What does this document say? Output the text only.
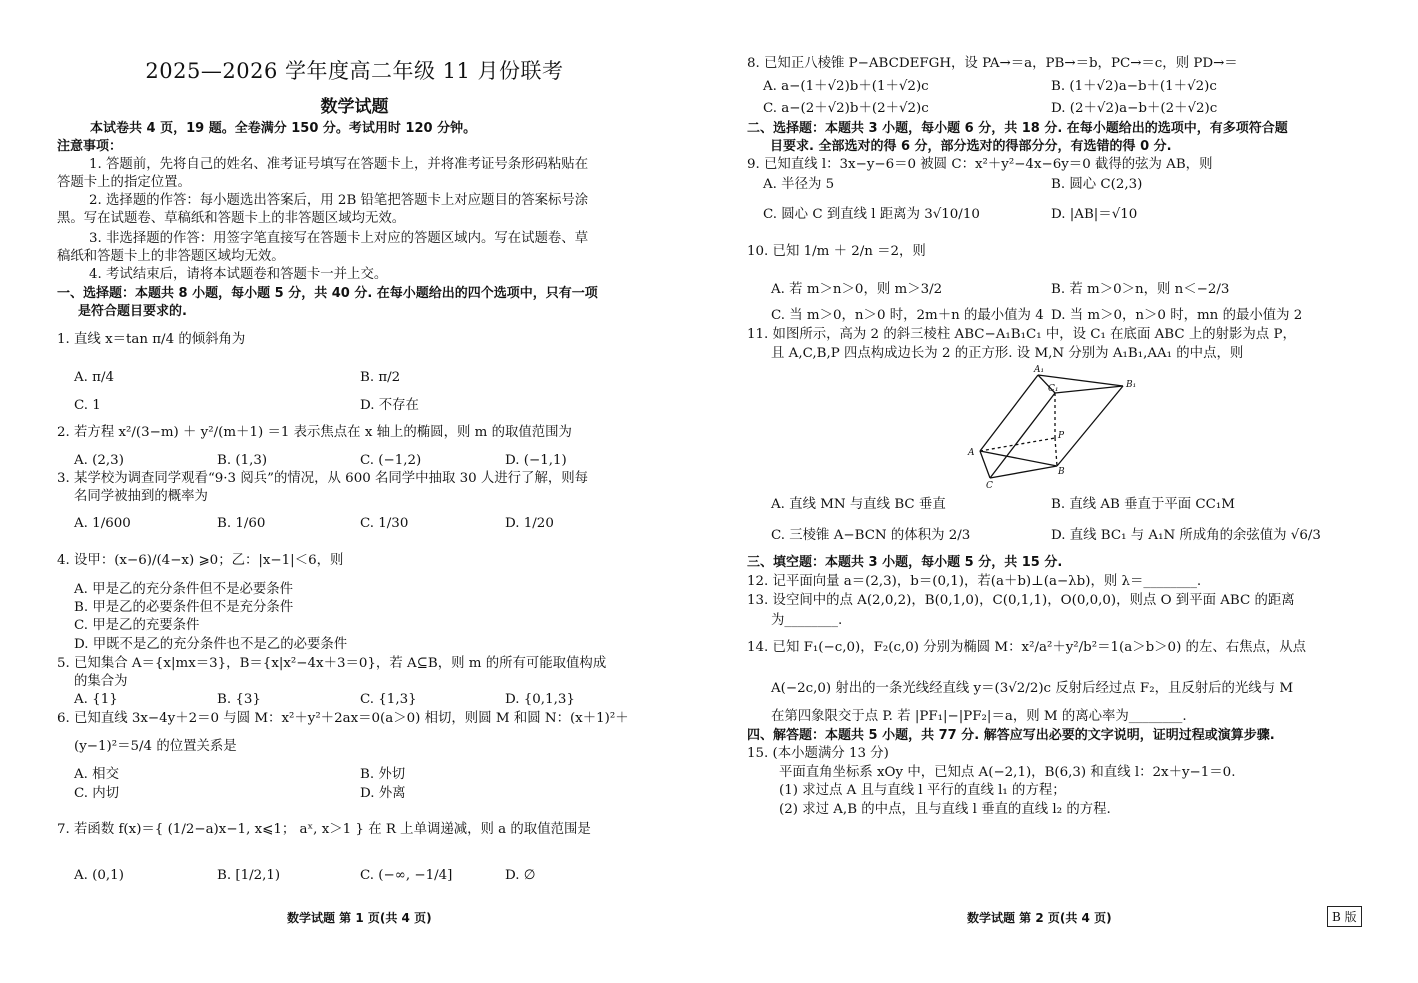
2025—2026 学年度高二年级 11 月份联考
数学试题
本试卷共 4 页，19 题。全卷满分 150 分。考试用时 120 分钟。
注意事项：
1. 答题前，先将自己的姓名、准考证号填写在答题卡上，并将准考证号条形码粘贴在
答题卡上的指定位置。
2. 选择题的作答：每小题选出答案后，用 2B 铅笔把答题卡上对应题目的答案标号涂
黑。写在试题卷、草稿纸和答题卡上的非答题区域均无效。
3. 非选择题的作答：用签字笔直接写在答题卡上对应的答题区域内。写在试题卷、草
稿纸和答题卡上的非答题区域均无效。
4. 考试结束后，请将本试题卷和答题卡一并上交。
一、选择题：本题共 8 小题，每小题 5 分，共 40 分. 在每小题给出的四个选项中，只有一项
是符合题目要求的.
1. 直线 x＝tan π/4 的倾斜角为
A. π/4	B. π/2
C. 1	D. 不存在
2. 若方程 x²/(3−m) ＋ y²/(m＋1) ＝1 表示焦点在 x 轴上的椭圆，则 m 的取值范围为
A. (2,3)	B. (1,3)	C. (−1,2)	D. (−1,1)
3. 某学校为调查同学观看“9·3 阅兵”的情况，从 600 名同学中抽取 30 人进行了解，则每
名同学被抽到的概率为
A. 1/600	B. 1/60	C. 1/30	D. 1/20
4. 设甲：(x−6)/(4−x) ⩾0；乙：|x−1|＜6，则
A. 甲是乙的充分条件但不是必要条件
B. 甲是乙的必要条件但不是充分条件
C. 甲是乙的充要条件
D. 甲既不是乙的充分条件也不是乙的必要条件
5. 已知集合 A＝{x|mx＝3}，B＝{x|x²−4x＋3＝0}，若 A⊆B，则 m 的所有可能取值构成
的集合为
A. {1}	B. {3}	C. {1,3}	D. {0,1,3}
6. 已知直线 3x−4y＋2＝0 与圆 M：x²＋y²＋2ax＝0(a＞0) 相切，则圆 M 和圆 N：(x＋1)²＋
(y−1)²＝5/4 的位置关系是
A. 相交	B. 外切
C. 内切	D. 外离
7. 若函数 f(x)＝{ (1/2−a)x−1, x⩽1； aˣ, x＞1 } 在 R 上单调递减，则 a 的取值范围是
A. (0,1)	B. [1/2,1)	C. (−∞, −1/4]	D. ∅
数学试题 第 1 页(共 4 页)
8. 已知正八棱锥 P−ABCDEFGH，设 PA→＝a，PB→＝b，PC→＝c，则 PD→＝
A. a−(1＋√2)b＋(1＋√2)c	B. (1＋√2)a−b＋(1＋√2)c
C. a−(2＋√2)b＋(2＋√2)c	D. (2＋√2)a−b＋(2＋√2)c
二、选择题：本题共 3 小题，每小题 6 分，共 18 分. 在每小题给出的选项中，有多项符合题
目要求. 全部选对的得 6 分，部分选对的得部分分，有选错的得 0 分.
9. 已知直线 l：3x−y−6＝0 被圆 C：x²＋y²−4x−6y＝0 截得的弦为 AB，则
A. 半径为 5	B. 圆心 C(2,3)
C. 圆心 C 到直线 l 距离为 3√10/10	D. |AB|＝√10
10. 已知 1/m ＋ 2/n ＝2，则
A. 若 m＞n＞0，则 m＞3/2	B. 若 m＞0＞n，则 n＜−2/3
C. 当 m＞0，n＞0 时，2m＋n 的最小值为 4 D. 当 m＞0，n＞0 时，mn 的最小值为 2
11. 如图所示，高为 2 的斜三棱柱 ABC−A₁B₁C₁ 中，设 C₁ 在底面 ABC 上的射影为点 P，
且 A,C,B,P 四点构成边长为 2 的正方形. 设 M,N 分别为 A₁B₁,AA₁ 的中点，则
A. 直线 MN 与直线 BC 垂直	B. 直线 AB 垂直于平面 CC₁M
C. 三棱锥 A−BCN 的体积为 2/3	D. 直线 BC₁ 与 A₁N 所成角的余弦值为 √6/3
三、填空题：本题共 3 小题，每小题 5 分，共 15 分.
12. 记平面向量 a＝(2,3)，b＝(0,1)，若(a＋b)⊥(a−λb)，则 λ＝________.
13. 设空间中的点 A(2,0,2)，B(0,1,0)，C(0,1,1)，O(0,0,0)，则点 O 到平面 ABC 的距离
为________.
14. 已知 F₁(−c,0)，F₂(c,0) 分别为椭圆 M：x²/a²＋y²/b²＝1(a＞b＞0) 的左、右焦点，从点
A(−2c,0) 射出的一条光线经直线 y＝(3√2/2)c 反射后经过点 F₂，且反射后的光线与 M
在第四象限交于点 P. 若 |PF₁|−|PF₂|＝a，则 M 的离心率为________.
四、解答题：本题共 5 小题，共 77 分. 解答应写出必要的文字说明，证明过程或演算步骤.
15. (本小题满分 13 分)
平面直角坐标系 xOy 中，已知点 A(−2,1)，B(6,3) 和直线 l：2x＋y−1＝0.
(1) 求过点 A 且与直线 l 平行的直线 l₁ 的方程；
(2) 求过 A,B 的中点，且与直线 l 垂直的直线 l₂ 的方程.
数学试题 第 2 页(共 4 页)	B 版
A₁
C₁	B₁
P
A
B
C
